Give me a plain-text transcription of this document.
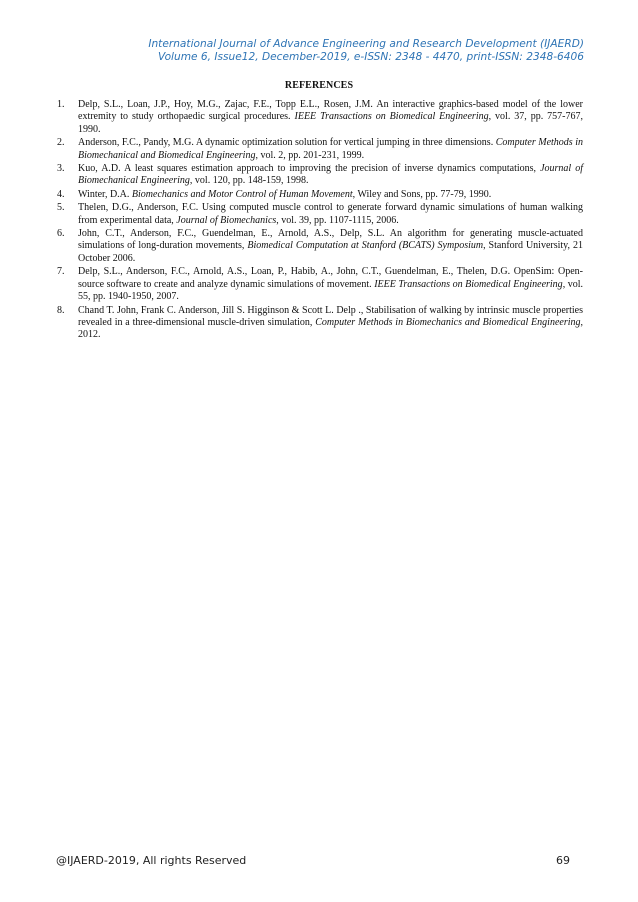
International Journal of Advance Engineering and Research Development (IJAERD)
Volume 6, Issue12, December-2019, e-ISSN: 2348 - 4470, print-ISSN: 2348-6406
REFERENCES
1. Delp, S.L., Loan, J.P., Hoy, M.G., Zajac, F.E., Topp E.L., Rosen, J.M. An interactive graphics-based model of the lower extremity to study orthopaedic surgical procedures. IEEE Transactions on Biomedical Engineering, vol. 37, pp. 757-767, 1990.
2. Anderson, F.C., Pandy, M.G. A dynamic optimization solution for vertical jumping in three dimensions. Computer Methods in Biomechanical and Biomedical Engineering, vol. 2, pp. 201-231, 1999.
3. Kuo, A.D. A least squares estimation approach to improving the precision of inverse dynamics computations, Journal of Biomechanical Engineering, vol. 120, pp. 148-159, 1998.
4. Winter, D.A. Biomechanics and Motor Control of Human Movement, Wiley and Sons, pp. 77-79, 1990.
5. Thelen, D.G., Anderson, F.C. Using computed muscle control to generate forward dynamic simulations of human walking from experimental data, Journal of Biomechanics, vol. 39, pp. 1107-1115, 2006.
6. John, C.T., Anderson, F.C., Guendelman, E., Arnold, A.S., Delp, S.L. An algorithm for generating muscle-actuated simulations of long-duration movements, Biomedical Computation at Stanford (BCATS) Symposium, Stanford University, 21 October 2006.
7. Delp, S.L., Anderson, F.C., Arnold, A.S., Loan, P., Habib, A., John, C.T., Guendelman, E., Thelen, D.G. OpenSim: Open-source software to create and analyze dynamic simulations of movement. IEEE Transactions on Biomedical Engineering, vol. 55, pp. 1940-1950, 2007.
8. Chand T. John, Frank C. Anderson, Jill S. Higginson & Scott L. Delp ., Stabilisation of walking by intrinsic muscle properties revealed in a three-dimensional muscle-driven simulation, Computer Methods in Biomechanics and Biomedical Engineering, 2012.
@IJAERD-2019, All rights Reserved	69
